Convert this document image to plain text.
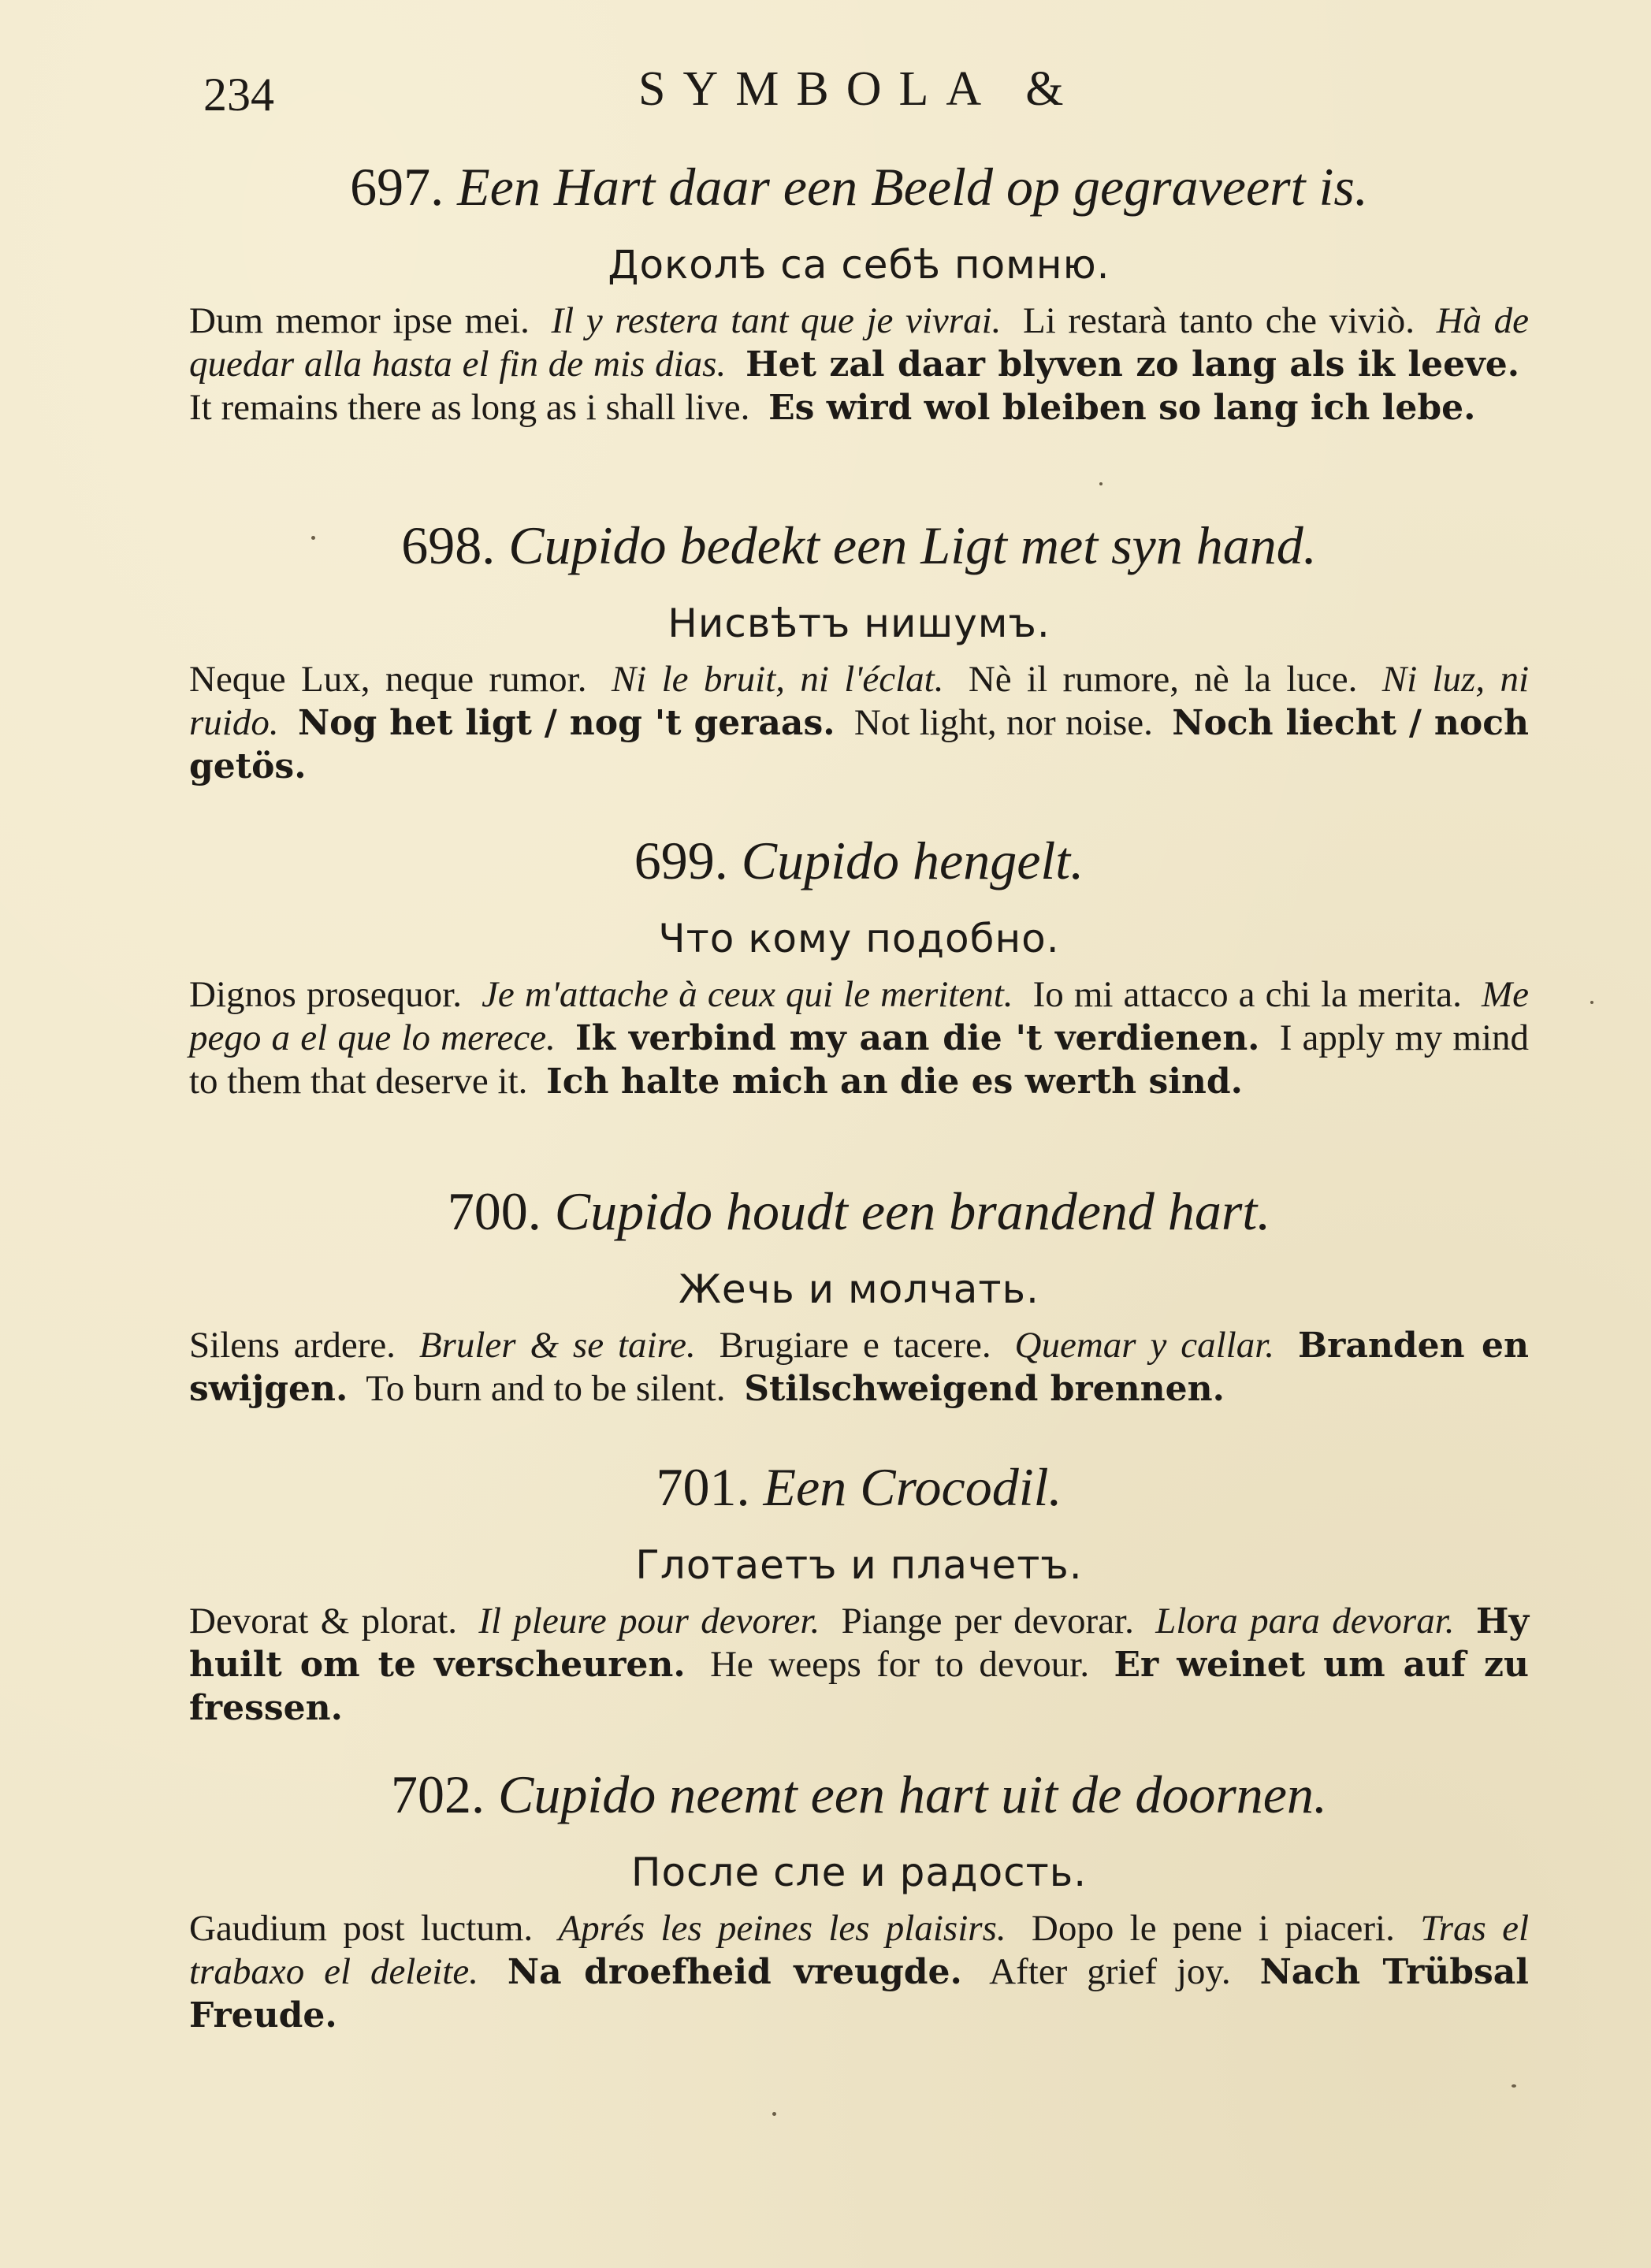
234	SYMBOLA &
697. Een Hart daar een Beeld op gegraveert is.
Доколѣ са себѣ помню.
Dum memor ipse mei. Il y restera tant que je vivrai. Li restarà tanto che viviò. Hà de quedar alla hasta el fin de mis dias. Het zal daar blyven zo lang als ik leeve. It remains there as long as i shall live. Es wird wol bleiben so lang ich lebe.
698. Cupido bedekt een Ligt met syn hand.
Нисвѣтъ нишумъ.
Neque Lux, neque rumor. Ni le bruit, ni l'éclat. Nè il rumore, nè la luce. Ni luz, ni ruido. Nog het ligt / nog 't geraas. Not light, nor noise. Noch liecht / noch getös.
699. Cupido hengelt.
Что кому подобно.
Dignos prosequor. Je m'attache à ceux qui le meritent. Io mi attacco a chi la merita. Me pego a el que lo merece. Ik verbind my aan die 't verdienen. I apply my mind to them that deserve it. Ich halte mich an die es werth sind.
700. Cupido houdt een brandend hart.
Жечь и молчать.
Silens ardere. Bruler & se taire. Brugiare e tacere. Quemar y callar. Branden en swijgen. To burn and to be silent. Stilschweigend brennen.
701. Een Crocodil.
Глотаетъ и плачетъ.
Devorat & plorat. Il pleure pour devorer. Piange per devorar. Llora para devorar. Hy huilt om te verscheuren. He weeps for to devour. Er weinet um auf zu fressen.
702. Cupido neemt een hart uit de doornen.
После сле и радость.
Gaudium post luctum. Aprés les peines les plaisirs. Dopo le pene i piaceri. Tras el trabaxo el deleite. Na droefheid vreugde. After grief joy. Nach Trübsal Freude.
